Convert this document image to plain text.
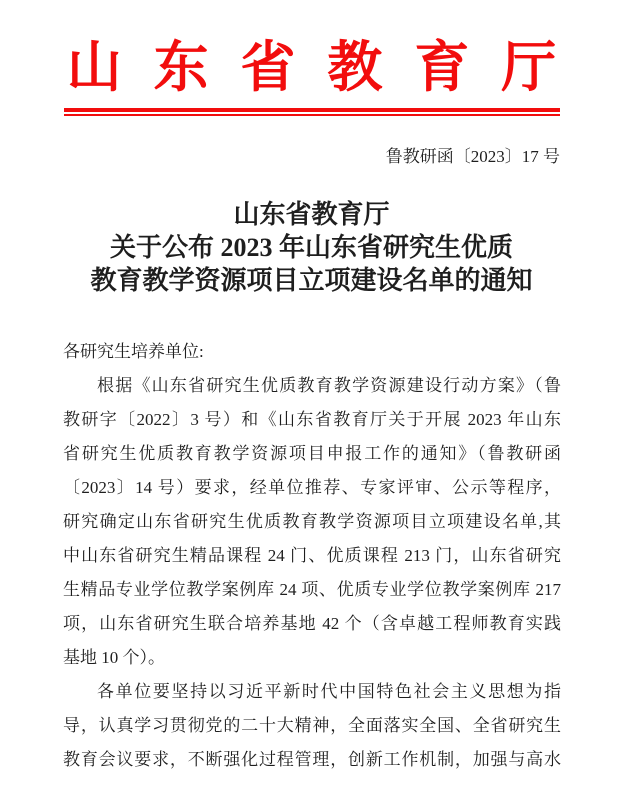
山东省教育厅
鲁教研函〔2023〕17 号
山东省教育厅
关于公布 2023 年山东省研究生优质
教育教学资源项目立项建设名单的通知
各研究生培养单位:
根据《山东省研究生优质教育教学资源建设行动方案》（鲁
教研字〔2022〕3 号）和《山东省教育厅关于开展 2023 年山东
省研究生优质教育教学资源项目申报工作的通知》（鲁教研函
〔2023〕14 号）要求，经单位推荐、专家评审、公示等程序，
研究确定山东省研究生优质教育教学资源项目立项建设名单,其
中山东省研究生精品课程 24 门、优质课程 213 门，山东省研究
生精品专业学位教学案例库 24 项、优质专业学位教学案例库 217
项，山东省研究生联合培养基地 42 个（含卓越工程师教育实践
基地 10 个）。
各单位要坚持以习近平新时代中国特色社会主义思想为指
导，认真学习贯彻党的二十大精神，全面落实全国、全省研究生
教育会议要求，不断强化过程管理，创新工作机制，加强与高水
